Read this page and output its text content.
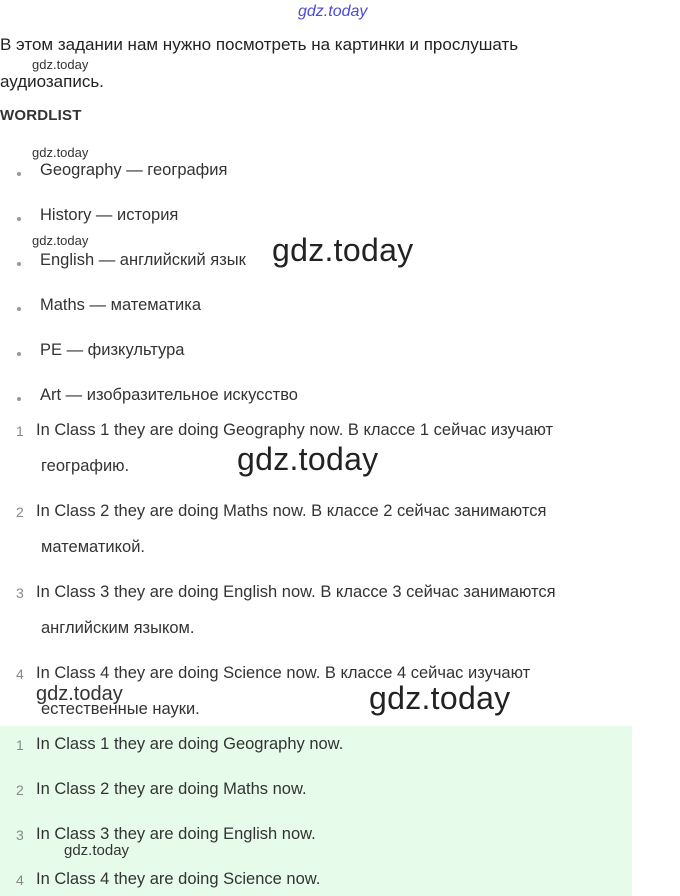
gdz.today
В этом задании нам нужно посмотреть на картинки и прослушать
gdz.today
аудиозапись.
WORDLIST
gdz.today
Geography — география
History — история
gdz.today
English — английский язык gdz.today
Maths — математика
PE — физкультура
Art — изобразительное искусство
1 In Class 1 they are doing Geography now. В классе 1 сейчас изучают
географию.	gdz.today
2 In Class 2 they are doing Maths now. В классе 2 сейчас занимаются
математикой.
3 In Class 3 they are doing English now. В классе 3 сейчас занимаются
английским языком.
4 In Class 4 they are doing Science now. В классе 4 сейчас изучают
gdz.today
естественные науки.	gdz.today
1 In Class 1 they are doing Geography now.
2 In Class 2 they are doing Maths now.
3 In Class 3 they are doing English now.
gdz.today
4 In Class 4 they are doing Science now.
